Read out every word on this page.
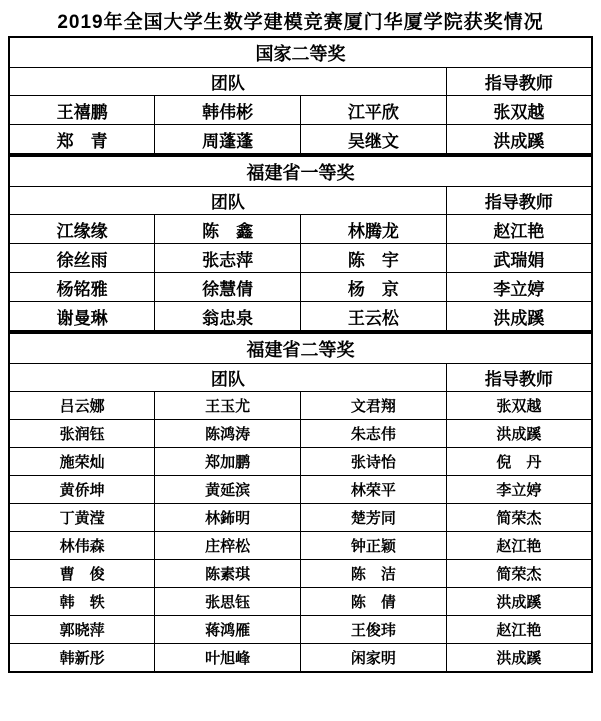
2019年全国大学生数学建模竞赛厦门华厦学院获奖情况
国家二等奖			
团队			指导教师
王禧鹏	韩伟彬	江平欣	张双越
郑　青	周蓬蓬	吴继文	洪成蹊
福建省一等奖			
团队			指导教师
江缘缘	陈　鑫	林腾龙	赵江艳
徐丝雨	张志萍	陈　宇	武瑞娟
杨铭雅	徐慧倩	杨　京	李立婷
谢曼琳	翁忠泉	王云松	洪成蹊
福建省二等奖			
团队			指导教师
吕云娜	王玉尤	文君翔	张双越
张润钰	陈鸿涛	朱志伟	洪成蹊
施荣灿	郑加鹏	张诗怡	倪　丹
黄侨坤	黄延滨	林荣平	李立婷
丁黄滢	林鈽明	楚芳同	简荣杰
林伟森	庄梓松	钟正颖	赵江艳
曹　俊	陈素琪	陈　洁	简荣杰
韩　轶	张思钰	陈　倩	洪成蹊
郭晓萍	蒋鸿雁	王俊玮	赵江艳
韩新彤	叶旭峰	闲家明	洪成蹊
